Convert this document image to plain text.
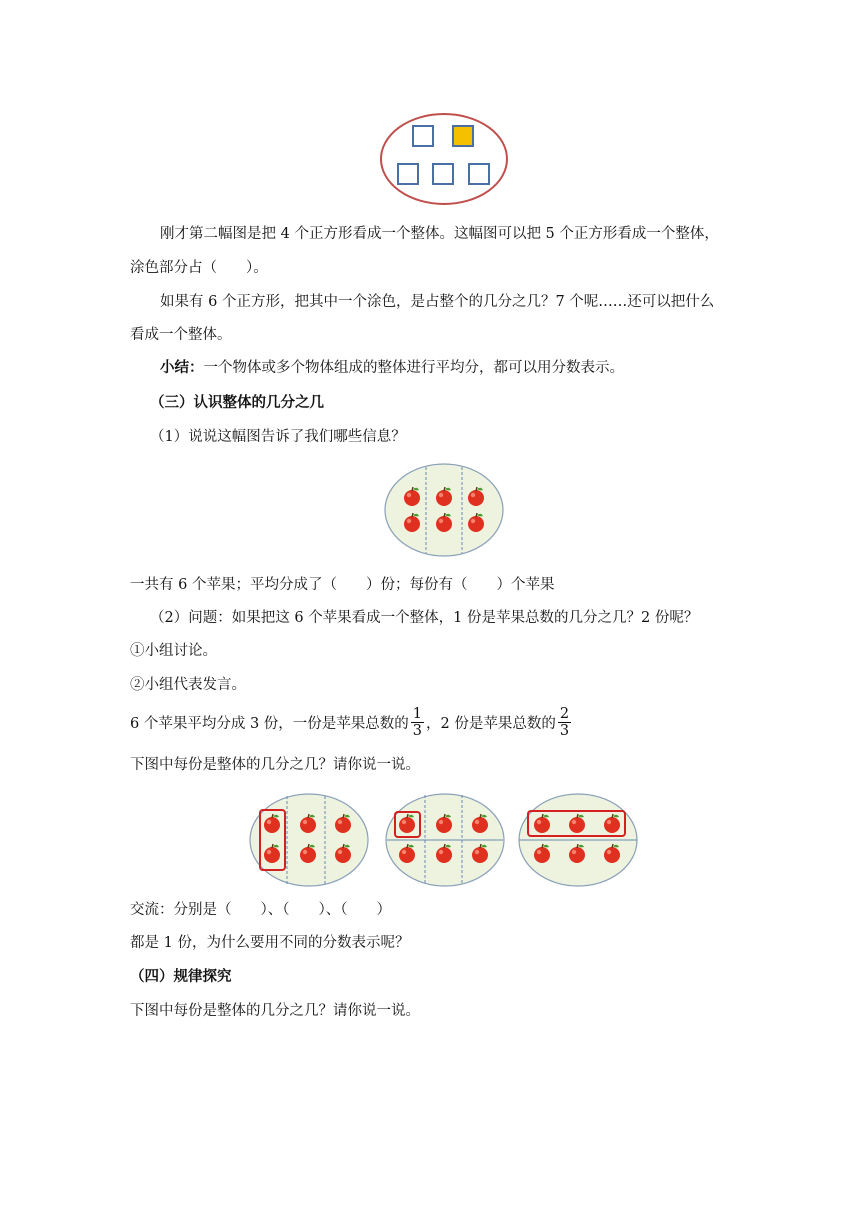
刚才第二幅图是把 4 个正方形看成一个整体。这幅图可以把 5 个正方形看成一个整体，
涂色部分占（　　）。
如果有 6 个正方形，把其中一个涂色，是占整个的几分之几？7 个呢……还可以把什么
看成一个整体。
小结：一个物体或多个物体组成的整体进行平均分，都可以用分数表示。
（三）认识整体的几分之几
（1）说说这幅图告诉了我们哪些信息？
一共有 6 个苹果；平均分成了（　　）份；每份有（　　）个苹果
（2）问题：如果把这 6 个苹果看成一个整体，1 份是苹果总数的几分之几？2 份呢？
①小组讨论。
②小组代表发言。
6 个苹果平均分成 3 份，一份是苹果总数的 $\frac{1}{3}$ ，2 份是苹果总数的 $\frac{2}{3}$
下图中每份是整体的几分之几？请你说一说。
交流：分别是（　　）、（　　）、（　　）
都是 1 份，为什么要用不同的分数表示呢？
（四）规律探究
下图中每份是整体的几分之几？请你说一说。
